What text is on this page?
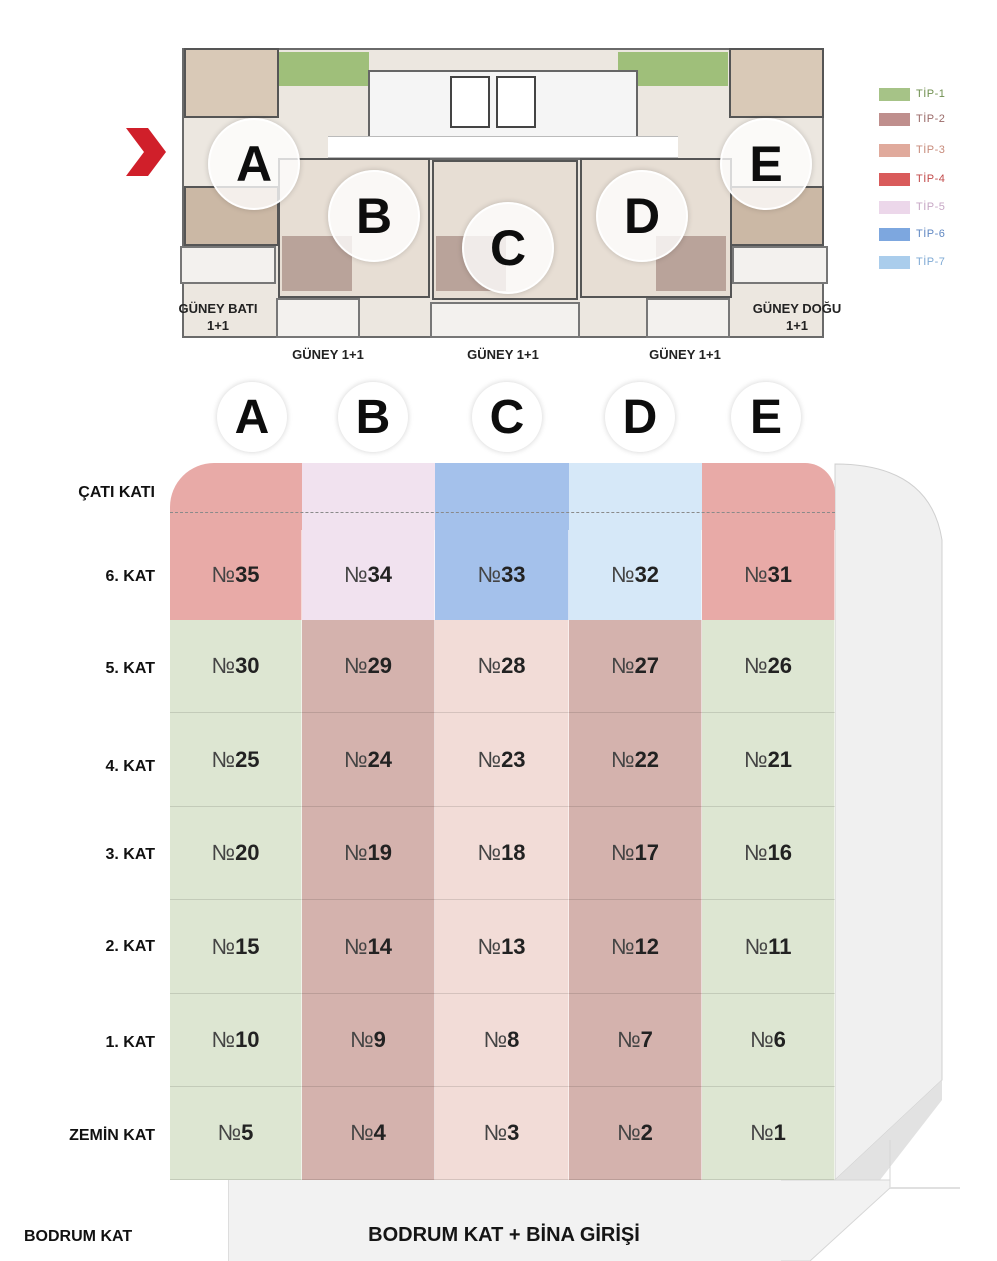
A
B
C
D
E
GÜNEY BATI
1+1
GÜNEY 1+1	GÜNEY 1+1	GÜNEY 1+1
GÜNEY DOĞU
1+1
TİP-1
TİP-2
TİP-3
TİP-4
TİP-5
TİP-6
TİP-7
A	B	C	D	E
ÇATI KATI
6. KAT
5. KAT
4. KAT
3. KAT
2. KAT
1. KAT
ZEMİN KAT
№ 35	№ 34	№ 33	№ 32	№ 31
№ 30	№ 29	№ 28	№ 27	№ 26
№ 25	№ 24	№ 23	№ 22	№ 21
№ 20	№ 19	№ 18	№ 17	№ 16
№ 15	№ 14	№ 13	№ 12	№ 11
№ 10	№ 9	№ 8	№ 7	№ 6
№ 5	№ 4	№ 3	№ 2	№ 1
BODRUM KAT + BİNA GİRİŞİ
BODRUM KAT
